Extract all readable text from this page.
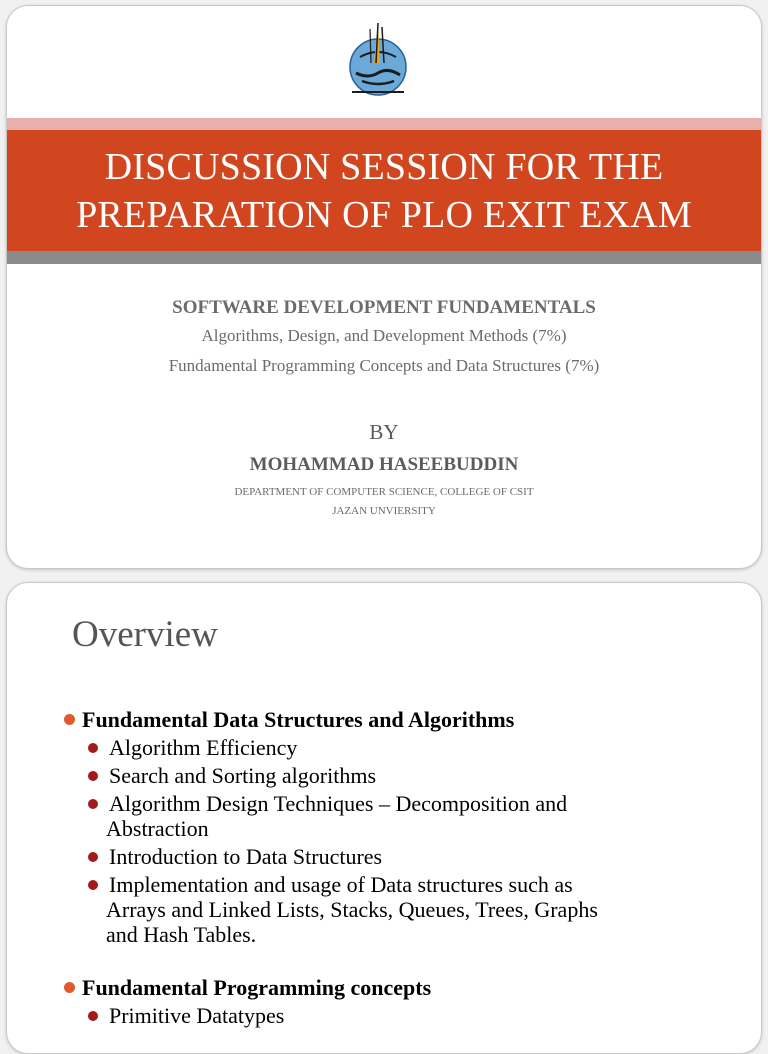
DISCUSSION SESSION FOR THE
PREPARATION OF PLO EXIT EXAM
SOFTWARE DEVELOPMENT FUNDAMENTALS
Algorithms, Design, and Development Methods (7%)
Fundamental Programming Concepts and Data Structures (7%)
BY
MOHAMMAD HASEEBUDDIN
DEPARTMENT OF COMPUTER SCIENCE, COLLEGE OF CSIT
JAZAN UNVIERSITY
Overview
Fundamental Data Structures and Algorithms
Algorithm Efficiency
Search and Sorting algorithms
Algorithm Design Techniques – Decomposition and
Abstraction
Introduction to Data Structures
Implementation and usage of Data structures such as
Arrays and Linked Lists, Stacks, Queues, Trees, Graphs
and Hash Tables.
Fundamental Programming concepts
Primitive Datatypes
